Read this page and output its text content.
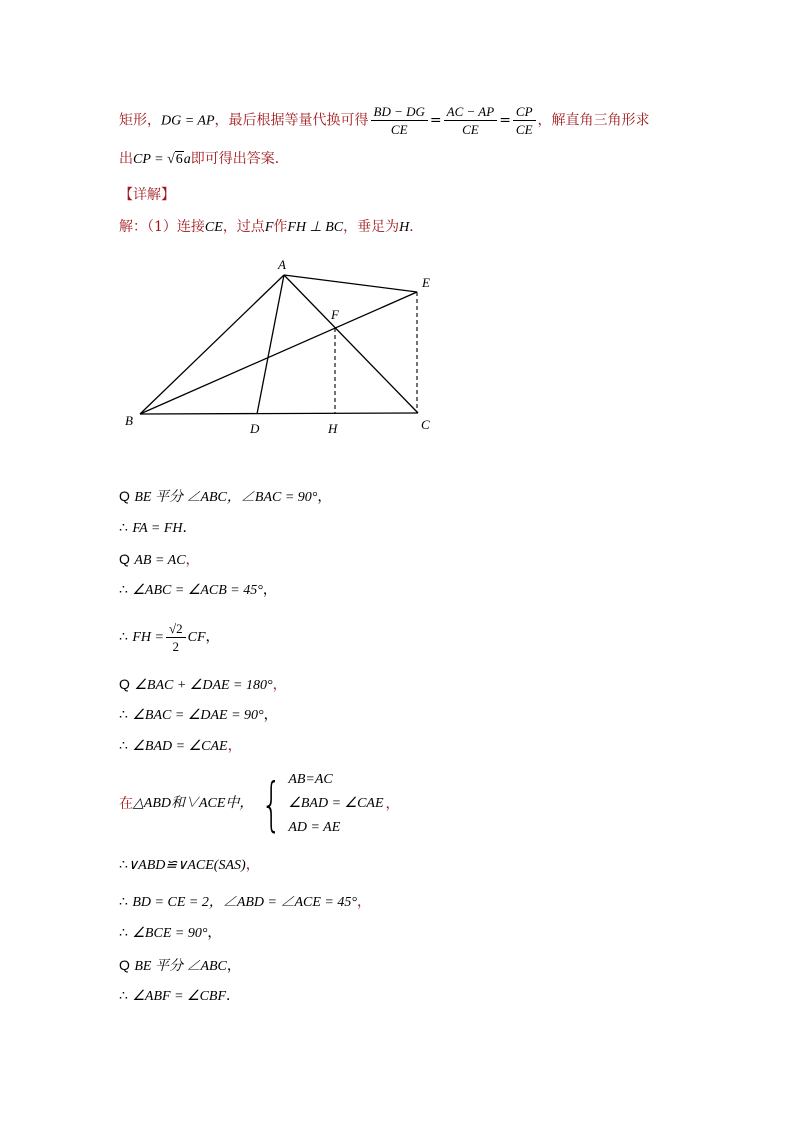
矩形，DG = AP，最后根据等量代换可得 $\frac{BD - DG}{CE} = \frac{AC - AP}{CE} = \frac{CP}{CE}$ ，解直角三角形求
出CP = √6a即可得出答案．
【详解】
解：（1）连接CE，过点F作FH ⊥ BC，垂足为H．
A
B	C
D
E
F
H
Q BE 平分 ∠ABC，∠BAC = 90°，
∴ FA = FH．
Q AB = AC，
∴ ∠ABC = ∠ACB = 45°，
∴ FH = $\frac{√2}{2}$ CF，
Q ∠BAC + ∠DAE = 180°，
∴ ∠BAC = ∠DAE = 90°，
∴ ∠BAD = ∠CAE，
在 △ABD和∨ACE中， { AB=AC
∠BAD = ∠CAE
AD = AE
，
∴∨ABD≌∨ACE(SAS)，
∴ BD = CE = 2，∠ABD = ∠ACE = 45°，
∴ ∠BCE = 90°，
Q BE 平分 ∠ABC，
∴ ∠ABF = ∠CBF．
